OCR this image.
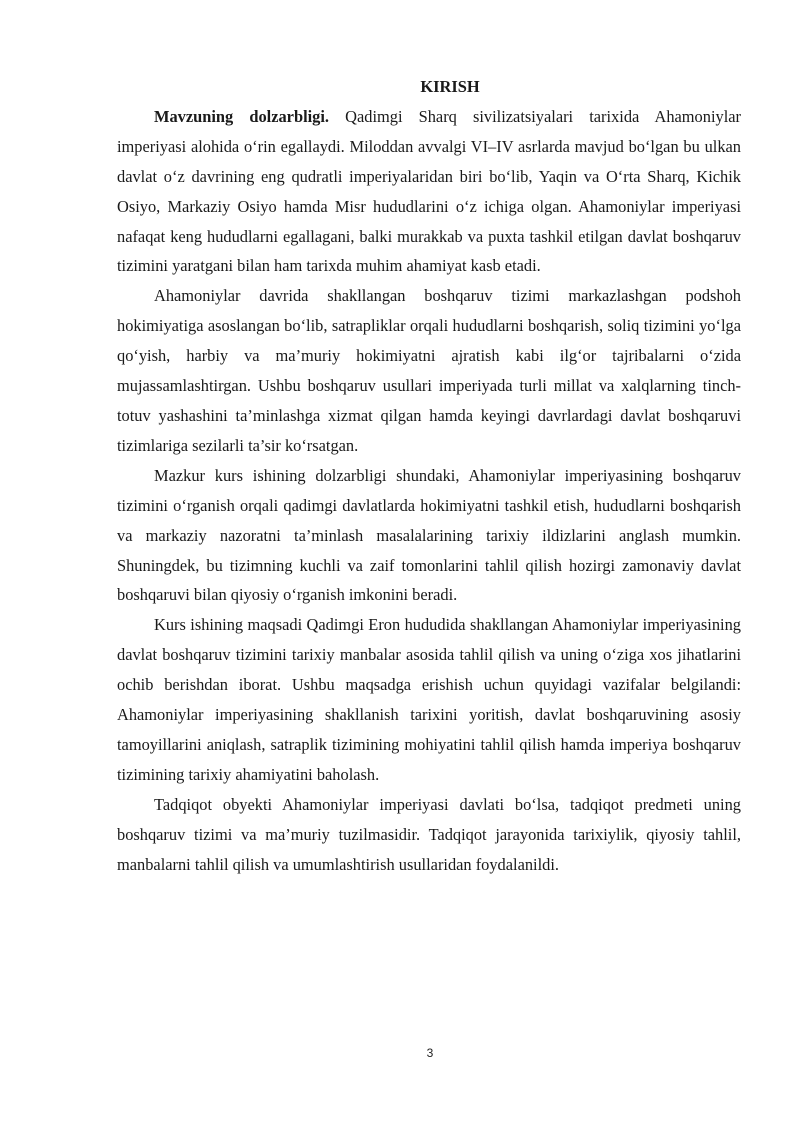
KIRISH

Mavzuning dolzarbligi. Qadimgi Sharq sivilizatsiyalari tarixida Ahamoniylar imperiyasi alohida o‘rin egallaydi. Miloddan avvalgi VI–IV asrlarda mavjud bo‘lgan bu ulkan davlat o‘z davrining eng qudratli imperiyalaridan biri bo‘lib, Yaqin va O‘rta Sharq, Kichik Osiyo, Markaziy Osiyo hamda Misr hududlarini o‘z ichiga olgan. Ahamoniylar imperiyasi nafaqat keng hududlarni egallagani, balki murakkab va puxta tashkil etilgan davlat boshqaruv tizimini yaratgani bilan ham tarixda muhim ahamiyat kasb etadi.

Ahamoniylar davrida shakllangan boshqaruv tizimi markazlashgan podshoh hokimiyatiga asoslangan bo‘lib, satrapliklar orqali hududlarni boshqarish, soliq tizimini yo‘lga qo‘yish, harbiy va ma’muriy hokimiyatni ajratish kabi ilg‘or tajribalarni o‘zida mujassamlashtirgan. Ushbu boshqaruv usullari imperiyada turli millat va xalqlarning tinch-totuv yashashini ta’minlashga xizmat qilgan hamda keyingi davrlardagi davlat boshqaruvi tizimlariga sezilarli ta’sir ko‘rsatgan.

Mazkur kurs ishining dolzarbligi shundaki, Ahamoniylar imperiyasining boshqaruv tizimini o‘rganish orqali qadimgi davlatlarda hokimiyatni tashkil etish, hududlarni boshqarish va markaziy nazoratni ta’minlash masalalarining tarixiy ildizlarini anglash mumkin. Shuningdek, bu tizimning kuchli va zaif tomonlarini tahlil qilish hozirgi zamonaviy davlat boshqaruvi bilan qiyosiy o‘rganish imkonini beradi.

Kurs ishining maqsadi Qadimgi Eron hududida shakllangan Ahamoniylar imperiyasining davlat boshqaruv tizimini tarixiy manbalar asosida tahlil qilish va uning o‘ziga xos jihatlarini ochib berishdan iborat. Ushbu maqsadga erishish uchun quyidagi vazifalar belgilandi: Ahamoniylar imperiyasining shakllanish tarixini yoritish, davlat boshqaruvining asosiy tamoyillarini aniqlash, satraplik tizimining mohiyatini tahlil qilish hamda imperiya boshqaruv tizimining tarixiy ahamiyatini baholash.

Tadqiqot obyekti Ahamoniylar imperiyasi davlati bo‘lsa, tadqiqot predmeti uning boshqaruv tizimi va ma’muriy tuzilmasidir. Tadqiqot jarayonida tarixiylik, qiyosiy tahlil, manbalarni tahlil qilish va umumlashtirish usullaridan foydalanildi.

3
